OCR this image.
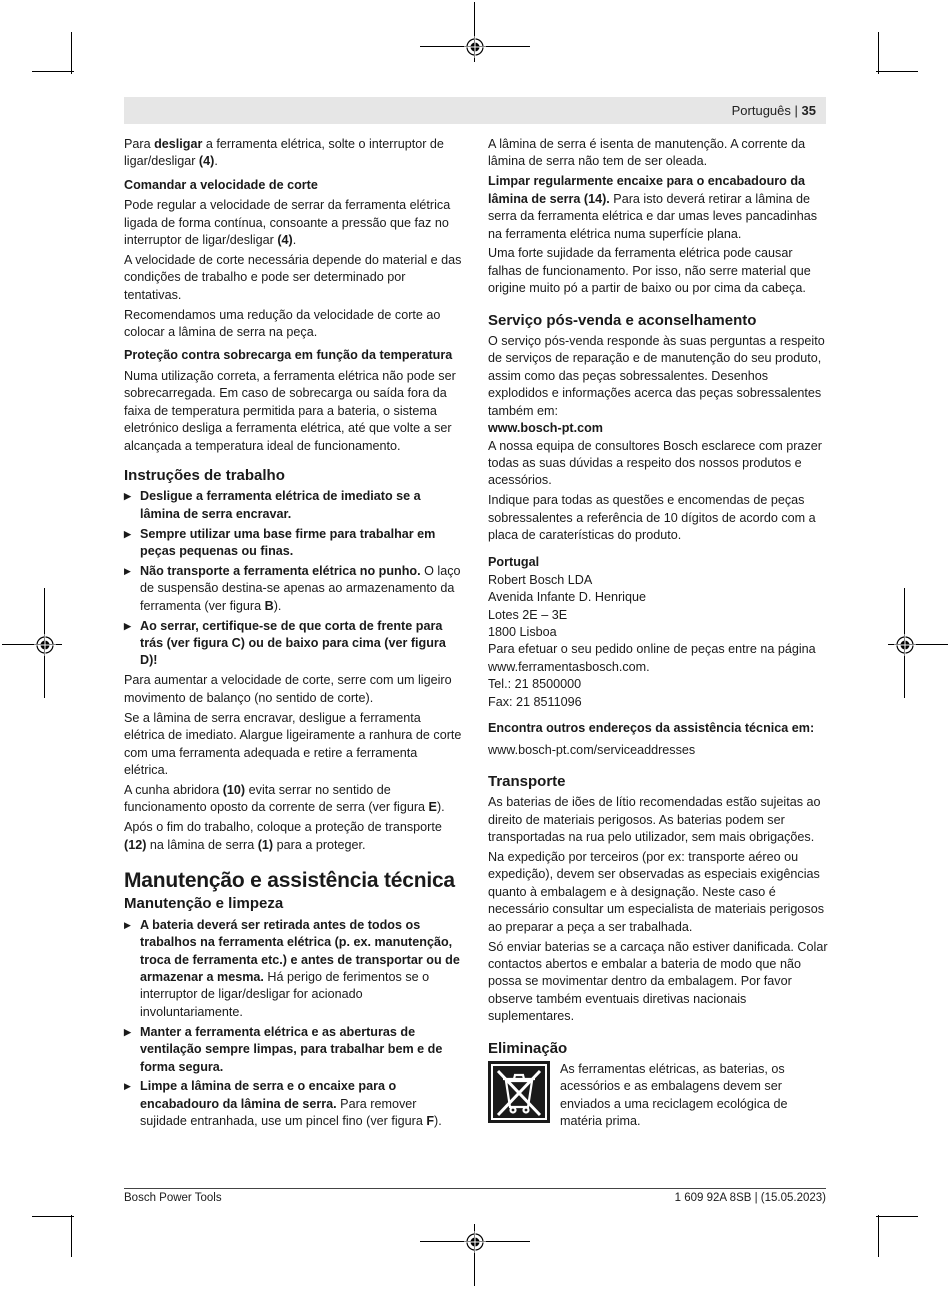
Português | 35

Para desligar a ferramenta elétrica, solte o interruptor de ligar/desligar (4).

Comandar a velocidade de corte

Pode regular a velocidade de serrar da ferramenta elétrica ligada de forma contínua, consoante a pressão que faz no interruptor de ligar/desligar (4).

A velocidade de corte necessária depende do material e das condições de trabalho e pode ser determinado por tentativas.

Recomendamos uma redução da velocidade de corte ao colocar a lâmina de serra na peça.

Proteção contra sobrecarga em função da temperatura

Numa utilização correta, a ferramenta elétrica não pode ser sobrecarregada. Em caso de sobrecarga ou saída fora da faixa de temperatura permitida para a bateria, o sistema eletrónico desliga a ferramenta elétrica, até que volte a ser alcançada a temperatura ideal de funcionamento.

Instruções de trabalho

▶ Desligue a ferramenta elétrica de imediato se a lâmina de serra encravar.

▶ Sempre utilizar uma base firme para trabalhar em peças pequenas ou finas.

▶ Não transporte a ferramenta elétrica no punho. O laço de suspensão destina-se apenas ao armazenamento da ferramenta (ver figura B).

▶ Ao serrar, certifique-se de que corta de frente para trás (ver figura C) ou de baixo para cima (ver figura D)!

Para aumentar a velocidade de corte, serre com um ligeiro movimento de balanço (no sentido de corte).

Se a lâmina de serra encravar, desligue a ferramenta elétrica de imediato. Alargue ligeiramente a ranhura de corte com uma ferramenta adequada e retire a ferramenta elétrica.

A cunha abridora (10) evita serrar no sentido de funcionamento oposto da corrente de serra (ver figura E).

Após o fim do trabalho, coloque a proteção de transporte (12) na lâmina de serra (1) para a proteger.

Manutenção e assistência técnica
Manutenção e limpeza

▶ A bateria deverá ser retirada antes de todos os trabalhos na ferramenta elétrica (p. ex. manutenção, troca de ferramenta etc.) e antes de transportar ou de armazenar a mesma. Há perigo de ferimentos se o interruptor de ligar/desligar for acionado involuntariamente.

▶ Manter a ferramenta elétrica e as aberturas de ventilação sempre limpas, para trabalhar bem e de forma segura.

▶ Limpe a lâmina de serra e o encaixe para o encabadouro da lâmina de serra. Para remover sujidade entranhada, use um pincel fino (ver figura F).

A lâmina de serra é isenta de manutenção. A corrente da lâmina de serra não tem de ser oleada.

Limpar regularmente encaixe para o encabadouro da lâmina de serra (14). Para isto deverá retirar a lâmina de serra da ferramenta elétrica e dar umas leves pancadinhas na ferramenta elétrica numa superfície plana.

Uma forte sujidade da ferramenta elétrica pode causar falhas de funcionamento. Por isso, não serre material que origine muito pó a partir de baixo ou por cima da cabeça.

Serviço pós-venda e aconselhamento

O serviço pós-venda responde às suas perguntas a respeito de serviços de reparação e de manutenção do seu produto, assim como das peças sobressalentes. Desenhos explodidos e informações acerca das peças sobressalentes também em:

www.bosch-pt.com

A nossa equipa de consultores Bosch esclarece com prazer todas as suas dúvidas a respeito dos nossos produtos e acessórios.

Indique para todas as questões e encomendas de peças sobressalentes a referência de 10 dígitos de acordo com a placa de caraterísticas do produto.

Portugal
Robert Bosch LDA
Avenida Infante D. Henrique
Lotes 2E – 3E
1800 Lisboa
Para efetuar o seu pedido online de peças entre na página
www.ferramentasbosch.com.
Tel.: 21 8500000
Fax: 21 8511096
Encontra outros endereços da assistência técnica em:
www.bosch-pt.com/serviceaddresses
Transporte

As baterias de iões de lítio recomendadas estão sujeitas ao direito de materiais perigosos. As baterias podem ser transportadas na rua pelo utilizador, sem mais obrigações.

Na expedição por terceiros (por ex: transporte aéreo ou expedição), devem ser observadas as especiais exigências quanto à embalagem e à designação. Neste caso é necessário consultar um especialista de materiais perigosos ao preparar a peça a ser trabalhada.

Só enviar baterias se a carcaça não estiver danificada. Colar contactos abertos e embalar a bateria de modo que não possa se movimentar dentro da embalagem. Por favor observe também eventuais diretivas nacionais suplementares.

Eliminação

As ferramentas elétricas, as baterias, os acessórios e as embalagens devem ser enviados a uma reciclagem ecológica de matéria prima.

Bosch Power Tools	1 609 92A 8SB | (15.05.2023)
